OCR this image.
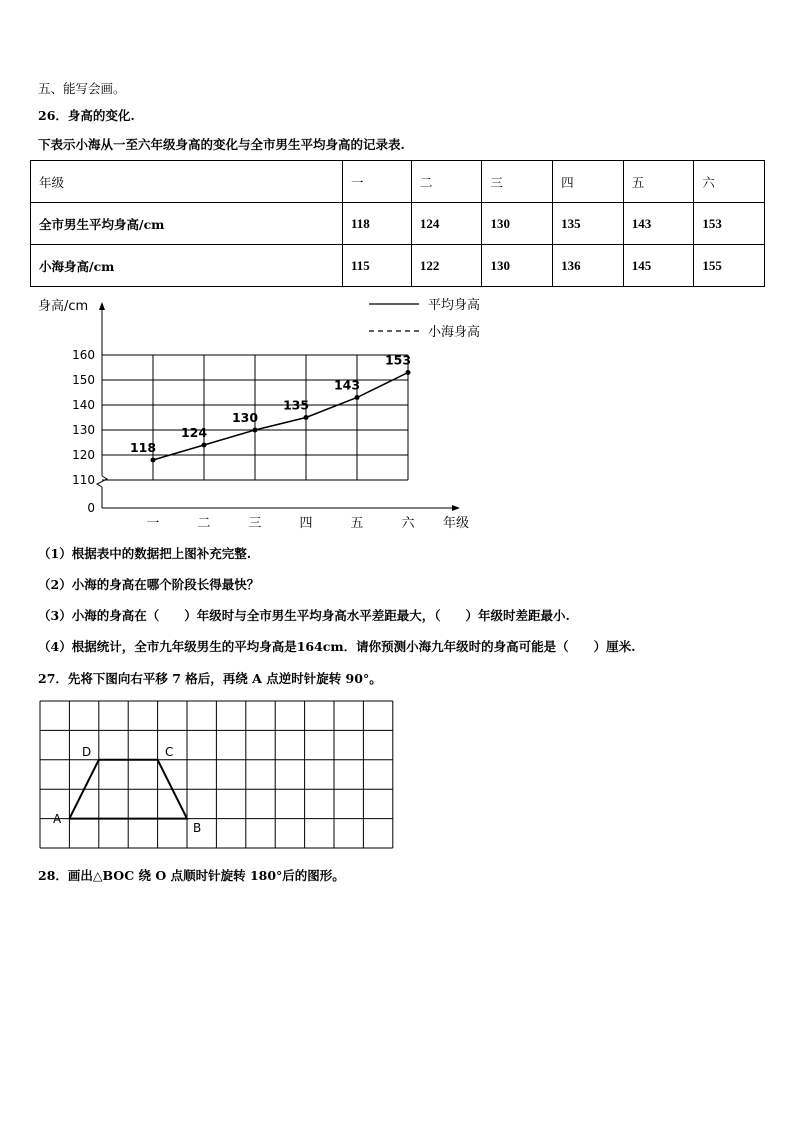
五、能写会画。
26．身高的变化.
下表示小海从一至六年级身高的变化与全市男生平均身高的记录表.
年级	一	二	三	四	五	六
全市男生平均身高/cm	118	124	130	135	143	153
小海身高/cm	115	122	130	136	145	155
身高/cm
年级
0
110
120
130
140
150
160
一	二	三	四	五	六
118
124
130
135
143
153
平均身高
小海身高
（1）根据表中的数据把上图补充完整.
（2）小海的身高在哪个阶段长得最快？
（3）小海的身高在（　　）年级时与全市男生平均身高水平差距最大，（　　）年级时差距最小.
（4）根据统计，全市九年级男生的平均身高是164cm．请你预测小海九年级时的身高可能是（　　）厘米.
27．先将下图向右平移 7 格后，再绕 A 点逆时针旋转 90°。
A
B
C
D
28．画出△BOC 绕 O 点顺时针旋转 180°后的图形。
